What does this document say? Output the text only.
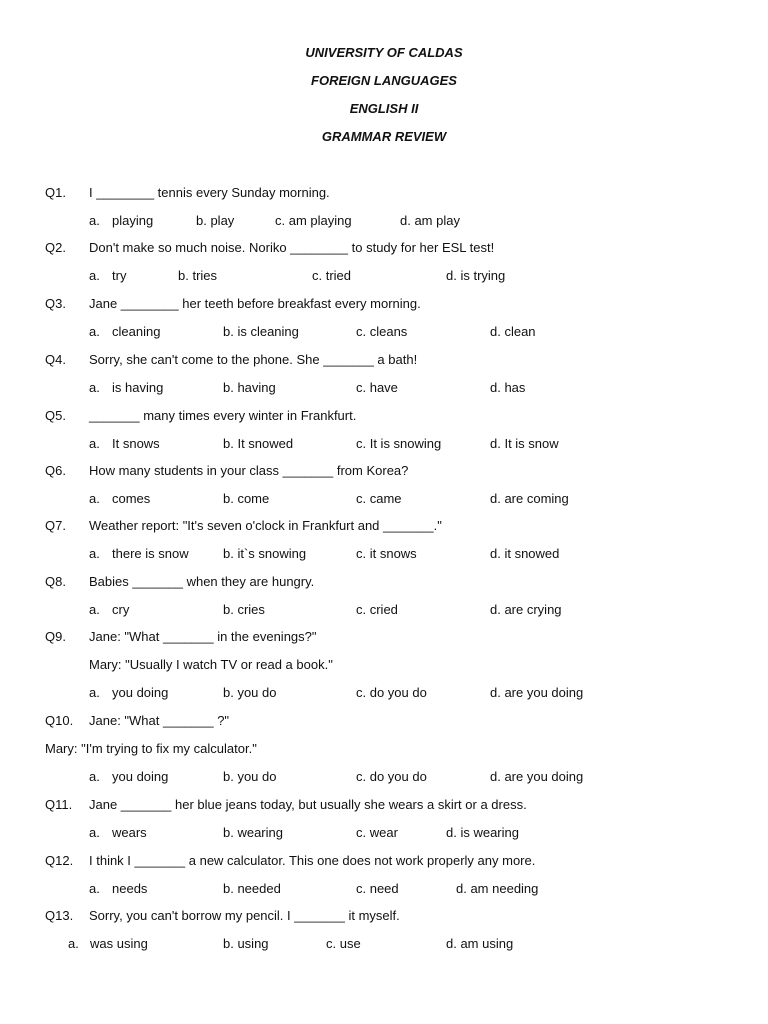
UNIVERSITY OF CALDAS
FOREIGN LANGUAGES
ENGLISH II
GRAMMAR REVIEW
Q1. I ________ tennis every Sunday morning.
a. playing	b. play	c. am playing	d. am play
Q2. Don't make so much noise. Noriko ________ to study for her ESL test!
a. try	b. tries	c. tried	d. is trying
Q3. Jane ________ her teeth before breakfast every morning.
a. cleaning	b. is cleaning	c. cleans	d. clean
Q4. Sorry, she can't come to the phone. She _______ a bath!
a. is having	b. having	c. have	d. has
Q5. _______ many times every winter in Frankfurt.
a. It snows	b. It snowed	c. It is snowing	d. It is snow
Q6. How many students in your class _______ from Korea?
a. comes	b. come	c. came	d. are coming
Q7. Weather report: "It's seven o'clock in Frankfurt and _______."
a. there is snow	b. it`s snowing	c. it snows	d. it snowed
Q8. Babies _______ when they are hungry.
a. cry	b. cries	c. cried	d. are crying
Q9. Jane: "What _______ in the evenings?"
Mary: "Usually I watch TV or read a book."
a. you doing	b. you do	c. do you do	d. are you doing
Q10. Jane: "What _______ ?"
Mary: "I'm trying to fix my calculator."
a. you doing	b. you do	c. do you do	d. are you doing
Q11. Jane _______ her blue jeans today, but usually she wears a skirt or a dress.
a. wears	b. wearing	c. wear	d. is wearing
Q12. I think I _______ a new calculator. This one does not work properly any more.
a. needs	b. needed	c. need	d. am needing
Q13. Sorry, you can't borrow my pencil. I _______ it myself.
a. was using	b. using	c. use	d. am using
